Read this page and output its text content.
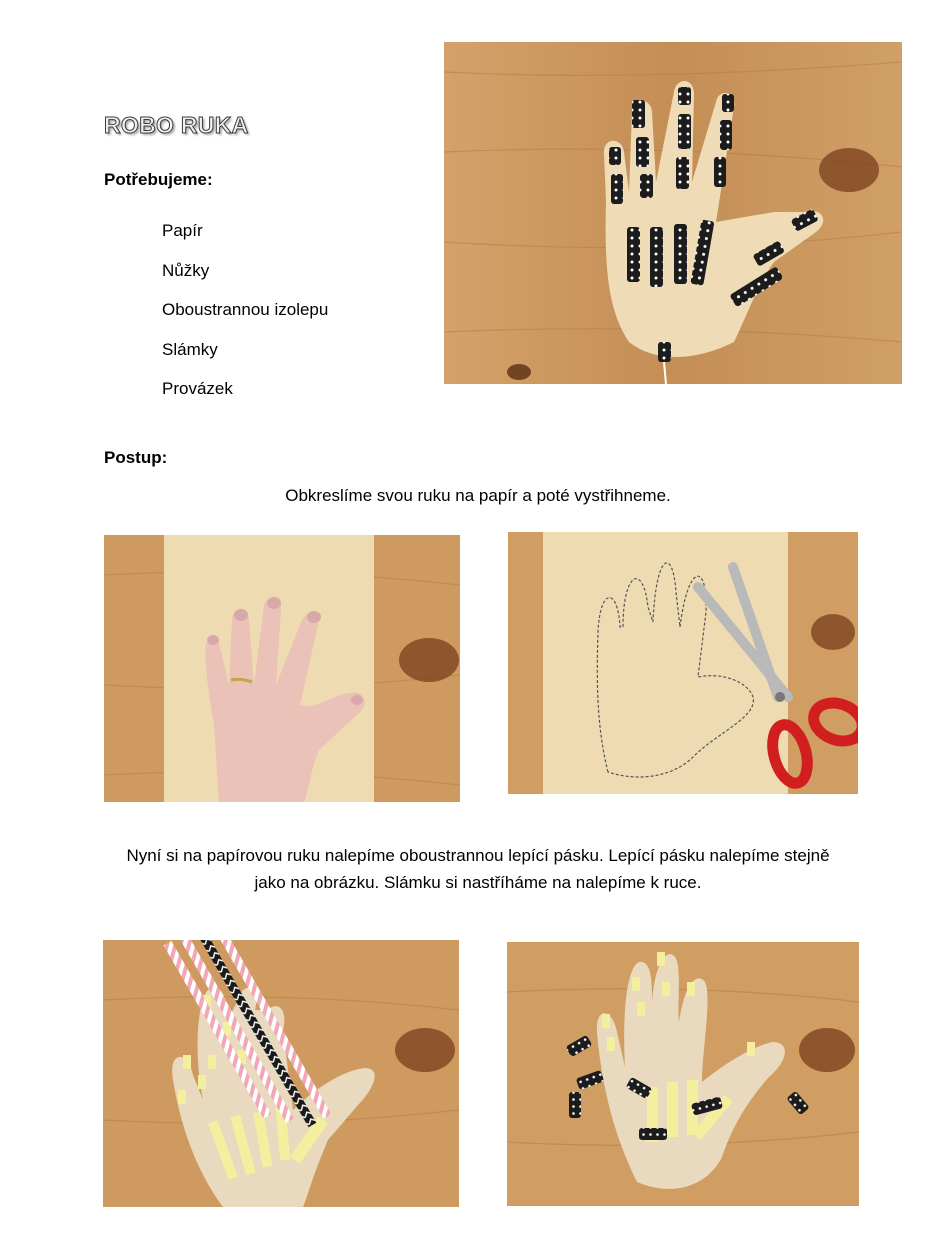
ROBO RUKA
Potřebujeme:
Papír
Nůžky
Oboustrannou izolepu
Slámky
Provázek
Postup:
Obkreslíme svou ruku na papír a poté vystřihneme.
Nyní si na papírovou ruku nalepíme oboustrannou lepící pásku. Lepící pásku nalepíme stejně
jako na obrázku. Slámku si nastříháme na nalepíme k ruce.
